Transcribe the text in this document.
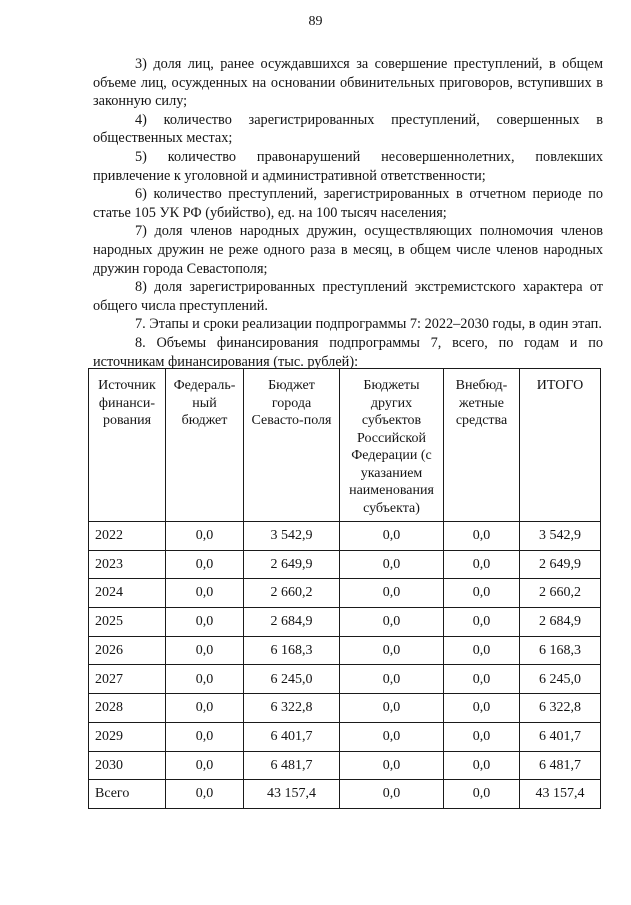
89

3) доля лиц, ранее осуждавшихся за совершение преступлений, в общем объеме лиц, осужденных на основании обвинительных приговоров, вступивших в законную силу;

4) количество зарегистрированных преступлений, совершенных в общественных местах;

5) количество правонарушений несовершеннолетних, повлекших привлечение к уголовной и административной ответственности;

6) количество преступлений, зарегистрированных в отчетном периоде по статье 105 УК РФ (убийство), ед. на 100 тысяч населения;

7) доля членов народных дружин, осуществляющих полномочия членов народных дружин не реже одного раза в месяц, в общем числе членов народных дружин города Севастополя;

8) доля зарегистрированных преступлений экстремистского характера от общего числа преступлений.

7. Этапы и сроки реализации подпрограммы 7: 2022–2030 годы, в один этап.

8. Объемы финансирования подпрограммы 7, всего, по годам и по источникам финансирования (тыс. рублей):

Источник финанси-рования	Федераль-ный бюджет	Бюджет города Севасто-поля	Бюджеты других субъектов Российской Федерации (с указанием наименования субъекта)	Внебюд-жетные средства	ИТОГО
2022	0,0	3 542,9	0,0	0,0	3 542,9
2023	0,0	2 649,9	0,0	0,0	2 649,9
2024	0,0	2 660,2	0,0	0,0	2 660,2
2025	0,0	2 684,9	0,0	0,0	2 684,9
2026	0,0	6 168,3	0,0	0,0	6 168,3
2027	0,0	6 245,0	0,0	0,0	6 245,0
2028	0,0	6 322,8	0,0	0,0	6 322,8
2029	0,0	6 401,7	0,0	0,0	6 401,7
2030	0,0	6 481,7	0,0	0,0	6 481,7
Всего	0,0	43 157,4	0,0	0,0	43 157,4
